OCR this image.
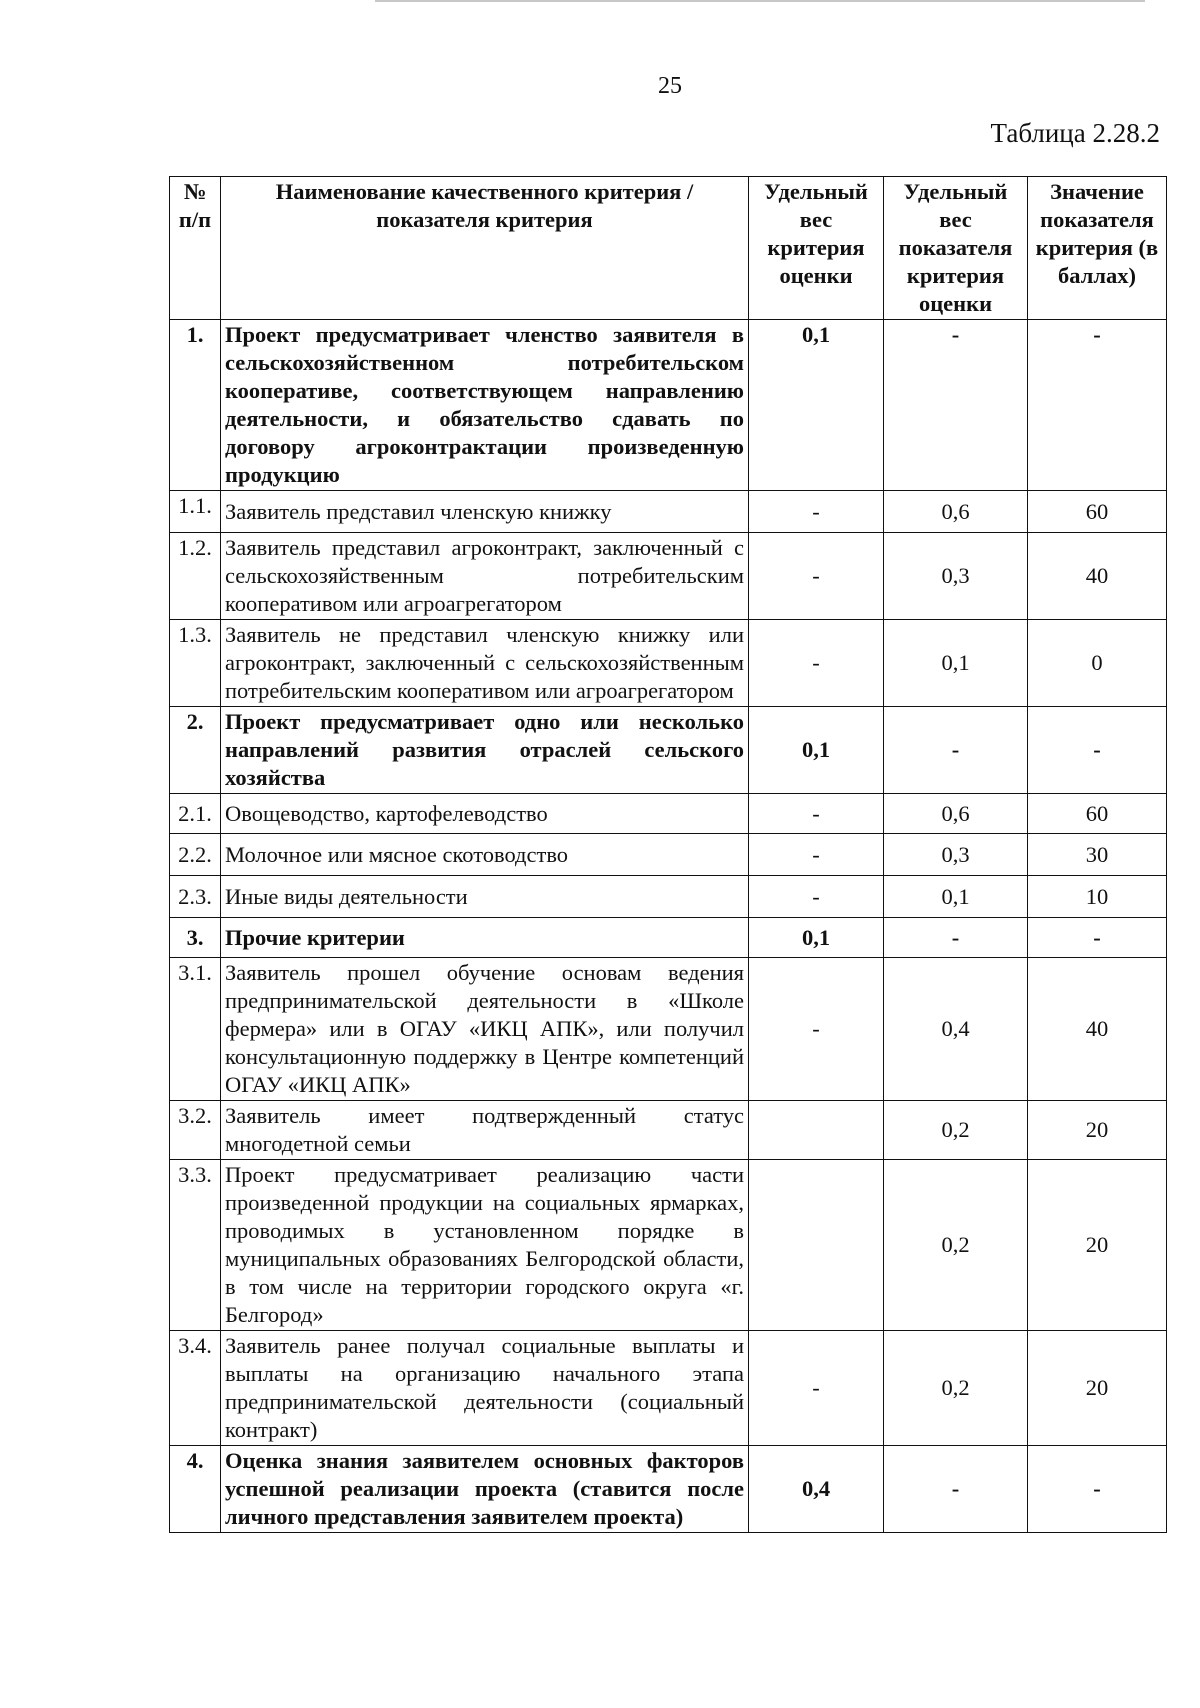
25
Таблица 2.28.2
№ п/п	Наименование качественного критерия / показателя критерия	Удельный вес критерия оценки	Удельный вес показателя критерия оценки	Значение показателя критерия (в баллах)
1.	Проект предусматривает членство заявителя в сельскохозяйственном потребительском кооперативе, соответствующем направлению деятельности, и обязательство сдавать по договору агроконтрактации произведенную продукцию	0,1	-	-
1.1.	Заявитель представил членскую книжку	-	0,6	60
1.2.	Заявитель представил агроконтракт, заключенный с сельскохозяйственным потребительским кооперативом или агроагрегатором	-	0,3	40
1.3.	Заявитель не представил членскую книжку или агроконтракт, заключенный с сельскохозяйственным потребительским кооперативом или агроагрегатором	-	0,1	0
2.	Проект предусматривает одно или несколько направлений развития отраслей сельского хозяйства	0,1	-	-
2.1.	Овощеводство, картофелеводство	-	0,6	60
2.2.	Молочное или мясное скотоводство	-	0,3	30
2.3.	Иные виды деятельности	-	0,1	10
3.	Прочие критерии	0,1	-	-
3.1.	Заявитель прошел обучение основам ведения предпринимательской деятельности в «Школе фермера» или в ОГАУ «ИКЦ АПК», или получил консультационную поддержку в Центре компетенций ОГАУ «ИКЦ АПК»	-	0,4	40
3.2.	Заявитель имеет подтвержденный статус многодетной семьи		0,2	20
3.3.	Проект предусматривает реализацию части произведенной продукции на социальных ярмарках, проводимых в установленном порядке в муниципальных образованиях Белгородской области, в том числе на территории городского округа «г. Белгород»		0,2	20
3.4.	Заявитель ранее получал социальные выплаты и выплаты на организацию начального этапа предпринимательской деятельности (социальный контракт)	-	0,2	20
4.	Оценка знания заявителем основных факторов успешной реализации проекта (ставится после личного представления заявителем проекта)	0,4	-	-
